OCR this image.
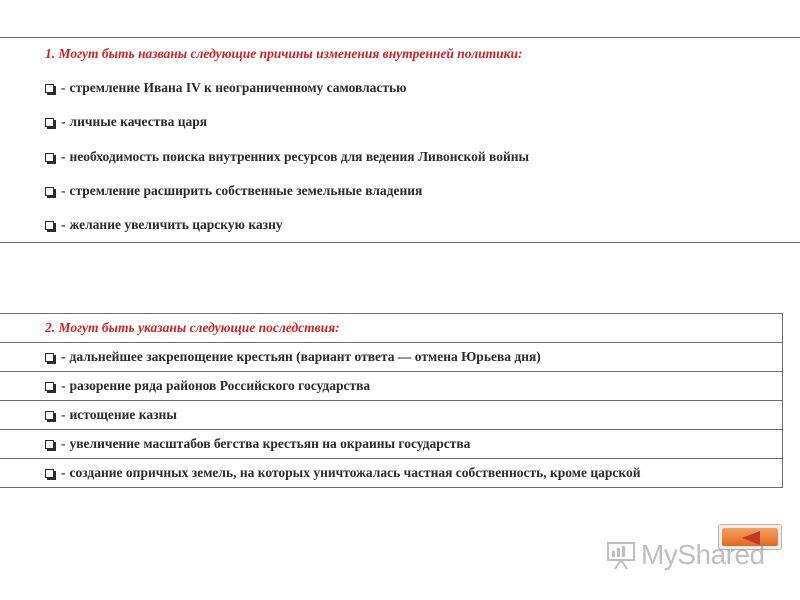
1. Могут быть названы следующие причины изменения внутренней политики:
- стремление Ивана IV к неограниченному самовластью
- личные качества царя
- необходимость поиска внутренних ресурсов для ведения Ливонской войны
- стремление расширить собственные земельные владения
- желание увеличить царскую казну
2. Могут быть указаны следующие последствия:
- дальнейшее закрепощение крестьян (вариант ответа — отмена Юрьева дня)
- разорение ряда районов Российского государства
- истощение казны
- увеличение масштабов бегства крестьян на окраины государства
- создание опричных земель, на которых уничтожалась частная собственность, кроме царской
MyShared
